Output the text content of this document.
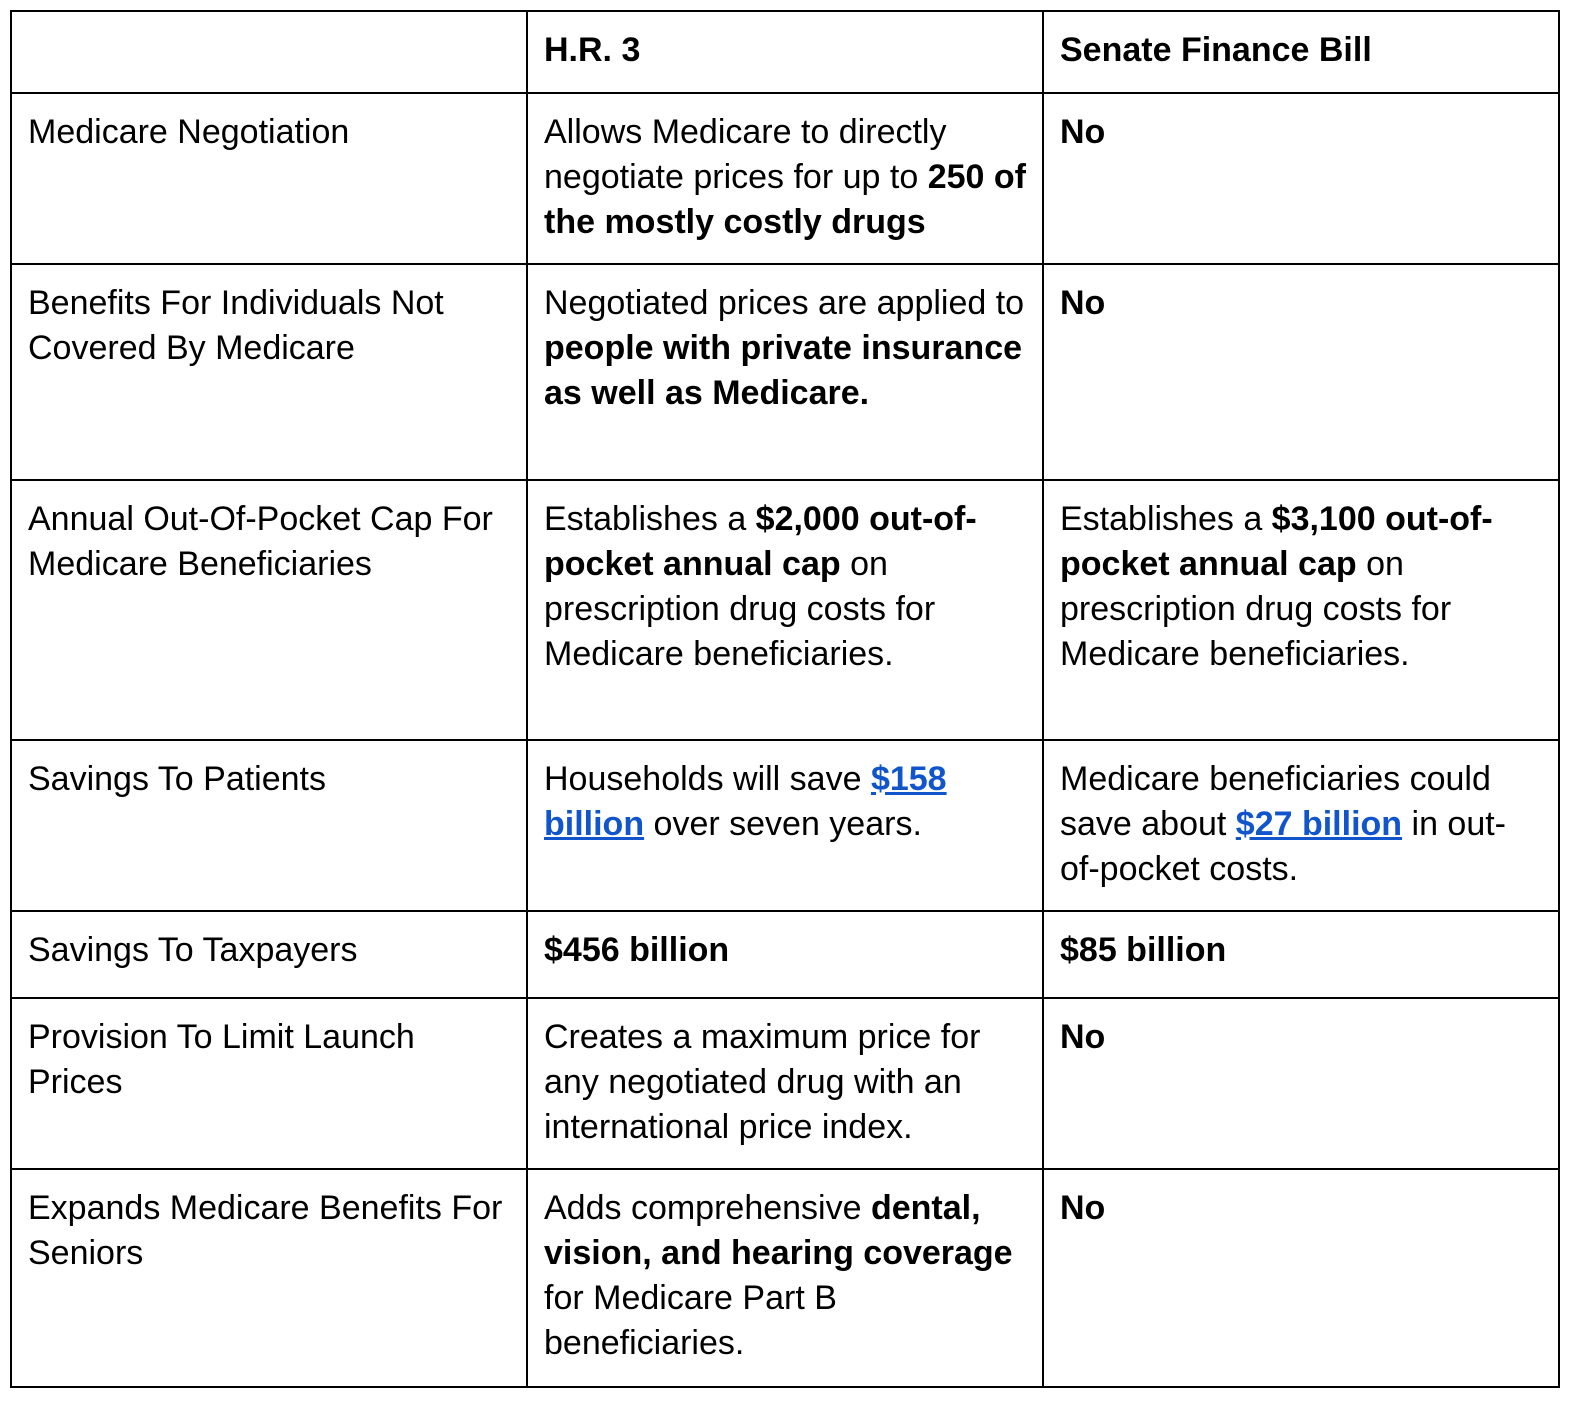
	H.R. 3	Senate Finance Bill
Medicare Negotiation	Allows Medicare to directly negotiate prices for up to 250 of the mostly costly drugs	No
Benefits For Individuals Not Covered By Medicare	Negotiated prices are applied to people with private insurance as well as Medicare.	No
Annual Out-Of-Pocket Cap For Medicare Beneficiaries	Establishes a $2,000 out-of-pocket annual cap on prescription drug costs for Medicare beneficiaries.	Establishes a $3,100 out-of-pocket annual cap on prescription drug costs for Medicare beneficiaries.
Savings To Patients	Households will save $158 billion over seven years.	Medicare beneficiaries could save about $27 billion in out-of-pocket costs.
Savings To Taxpayers	$456 billion	$85 billion
Provision To Limit Launch Prices	Creates a maximum price for any negotiated drug with an international price index.	No
Expands Medicare Benefits For Seniors	Adds comprehensive dental, vision, and hearing coverage for Medicare Part B beneficiaries.	No
